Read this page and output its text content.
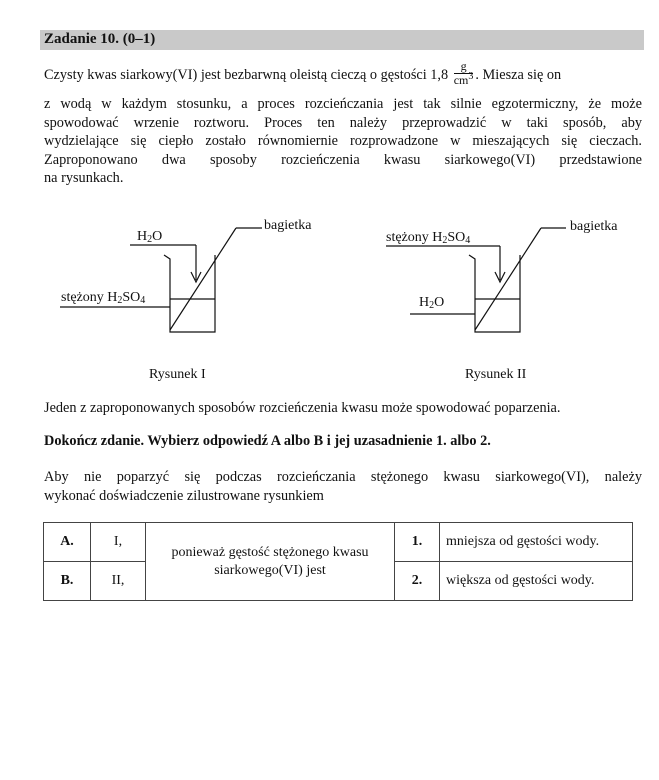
Zadanie 10. (0–1)
Czysty kwas siarkowy(VI) jest bezbarwną oleistą cieczą o gęstości $1,8 \frac{g}{cm^3}$ . Miesza się on
z wodą w każdym stosunku, a proces rozcieńczania jest tak silnie egzotermiczny, że może
spowodować wrzenie roztworu. Proces ten należy przeprowadzić w taki sposób, aby
wydzielające się ciepło zostało równomiernie rozprowadzone w mieszających się cieczach.
Zaproponowano dwa sposoby rozcieńczenia kwasu siarkowego(VI) przedstawione
na rysunkach.
$H_2O$
bagietka
stężony $H_2SO_4$
Rysunek I
stężony $H_2SO_4$
bagietka
$H_2O$
Rysunek II
Jeden z zaproponowanych sposobów rozcieńczenia kwasu może spowodować poparzenia.
Dokończ zdanie. Wybierz odpowiedź A albo B i jej uzasadnienie 1. albo 2.
Aby nie poparzyć się podczas rozcieńczania stężonego kwasu siarkowego(VI), należy
wykonać doświadczenie zilustrowane rysunkiem
A.	I,	ponieważ gęstość stężonego kwasu siarkowego(VI) jest	1.	mniejsza od gęstości wody.
B.	II,		2.	większa od gęstości wody.
